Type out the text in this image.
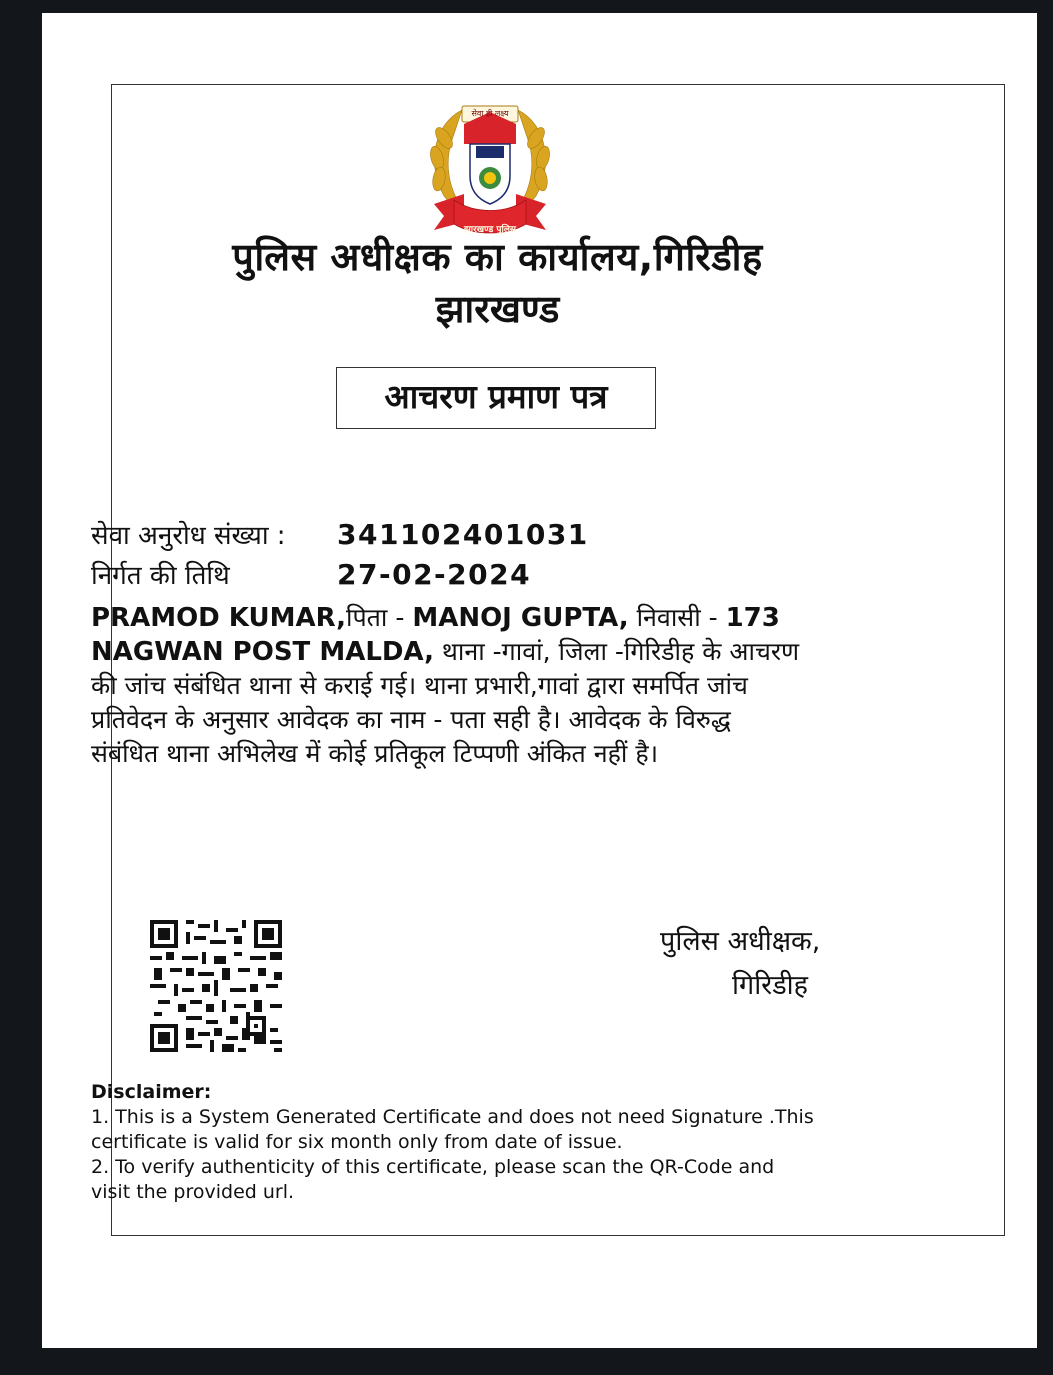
सेवा ही लक्ष्य
झारखण्ड पुलिस
पुलिस अधीक्षक का कार्यालय,गिरिडीह
झारखण्ड
आचरण प्रमाण पत्र
सेवा अनुरोध संख्या : 341102401031
निर्गत की तिथि	27-02-2024
PRAMOD KUMAR,पिता - MANOJ GUPTA, निवासी - 173
NAGWAN POST MALDA, थाना -गावां, जिला -गिरिडीह के आचरण
की जांच संबंधित थाना से कराई गई। थाना प्रभारी,गावां द्वारा समर्पित जांच
प्रतिवेदन के अनुसार आवेदक का नाम - पता सही है। आवेदक के विरुद्ध
संबंधित थाना अभिलेख में कोई प्रतिकूल टिप्पणी अंकित नहीं है।
पुलिस अधीक्षक,
गिरिडीह
Disclaimer:
1. This is a System Generated Certificate and does not need Signature .This
certificate is valid for six month only from date of issue.
2. To verify authenticity of this certificate, please scan the QR-Code and
visit the provided url.
